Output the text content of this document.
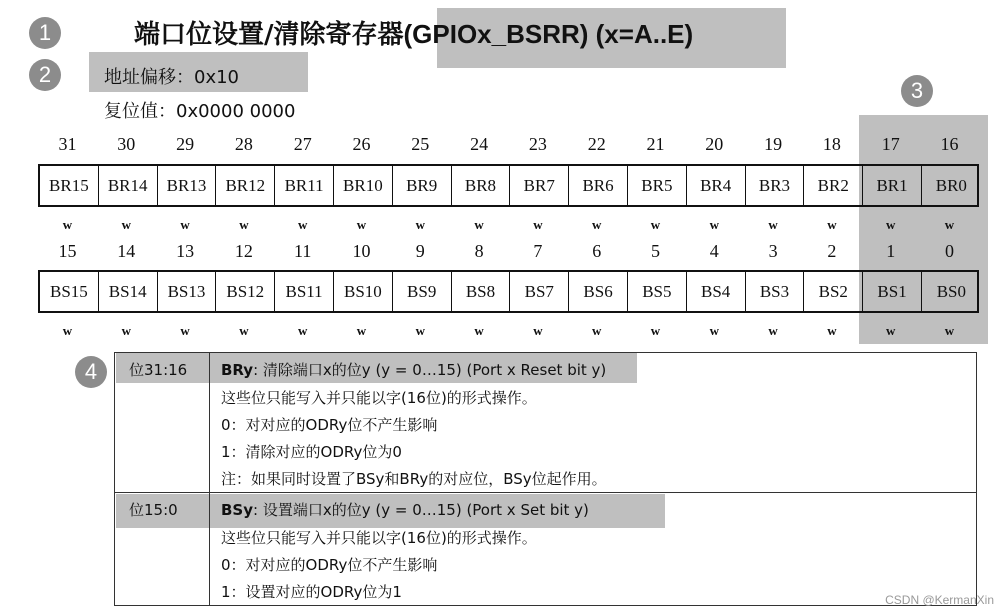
1
2
3
4
端口位设置/清除寄存器(GPIOx_BSRR) (x=A..E)
地址偏移：0x10
复位值：0x0000 0000
31	30	29	28	27	26	25	24	23	22	21	20	19	18	17	16
BR15	BR14	BR13	BR12	BR11	BR10	BR9	BR8	BR7	BR6	BR5	BR4	BR3	BR2	BR1	BR0
w	w	w	w	w	w	w	w	w	w	w	w	w	w	w	w
15	14	13	12	11	10	9	8	7	6	5	4	3	2	1	0
BS15	BS14	BS13	BS12	BS11	BS10	BS9	BS8	BS7	BS6	BS5	BS4	BS3	BS2	BS1	BS0
w	w	w	w	w	w	w	w	w	w	w	w	w	w	w	w
位31:16 BRy: 清除端口x的位y (y = 0…15) (Port x Reset bit y)
这些位只能写入并只能以字(16位)的形式操作。
0：对对应的ODRy位不产生影响
1：清除对应的ODRy位为0
注：如果同时设置了BSy和BRy的对应位，BSy位起作用。
位15:0	BSy: 设置端口x的位y (y = 0…15) (Port x Set bit y)
这些位只能写入并只能以字(16位)的形式操作。
0：对对应的ODRy位不产生影响
1：设置对应的ODRy位为1	CSDN @KermanXin
